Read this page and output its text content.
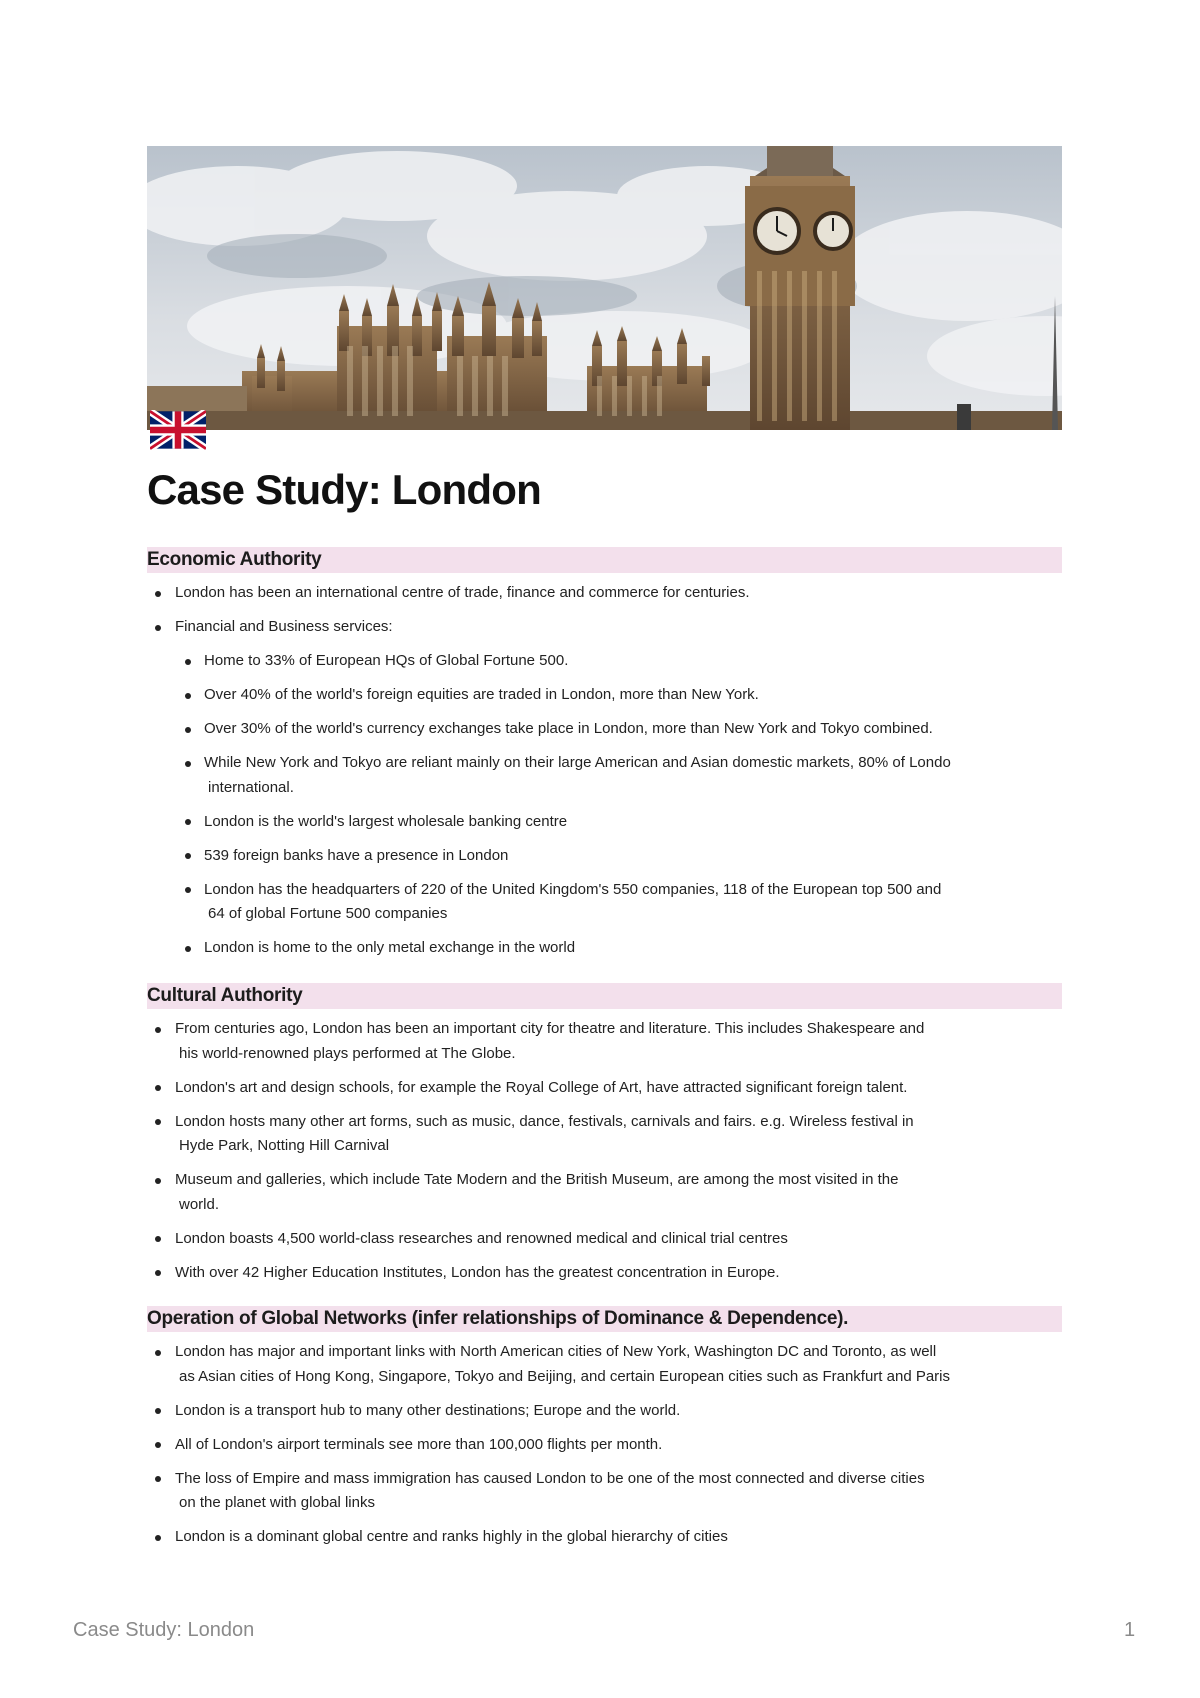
Case Study: London
Economic Authority
London has been an international centre of trade, finance and commerce for centuries.
Financial and Business services:
Home to 33% of European HQs of Global Fortune 500.
Over 40% of the world's foreign equities are traded in London, more than New York.
Over 30% of the world's currency exchanges take place in London, more than New York and Tokyo combined.
While New York and Tokyo are reliant mainly on their large American and Asian domestic markets, 80% of Londo
international.
London is the world's largest wholesale banking centre
539 foreign banks have a presence in London
London has the headquarters of 220 of the United Kingdom's 550 companies, 118 of the European top 500 and
64 of global Fortune 500 companies
London is home to the only metal exchange in the world
Cultural Authority
From centuries ago, London has been an important city for theatre and literature. This includes Shakespeare and
his world-renowned plays performed at The Globe.
London's art and design schools, for example the Royal College of Art, have attracted significant foreign talent.
London hosts many other art forms, such as music, dance, festivals, carnivals and fairs. e.g. Wireless festival in
Hyde Park, Notting Hill Carnival
Museum and galleries, which include Tate Modern and the British Museum, are among the most visited in the
world.
London boasts 4,500 world-class researches and renowned medical and clinical trial centres
With over 42 Higher Education Institutes, London has the greatest concentration in Europe.
Operation of Global Networks (infer relationships of Dominance & Dependence).
London has major and important links with North American cities of New York, Washington DC and Toronto, as well
as Asian cities of Hong Kong, Singapore, Tokyo and Beijing, and certain European cities such as Frankfurt and Paris
London is a transport hub to many other destinations; Europe and the world.
All of London's airport terminals see more than 100,000 flights per month.
The loss of Empire and mass immigration has caused London to be one of the most connected and diverse cities
on the planet with global links
London is a dominant global centre and ranks highly in the global hierarchy of cities
Case Study: London	1
